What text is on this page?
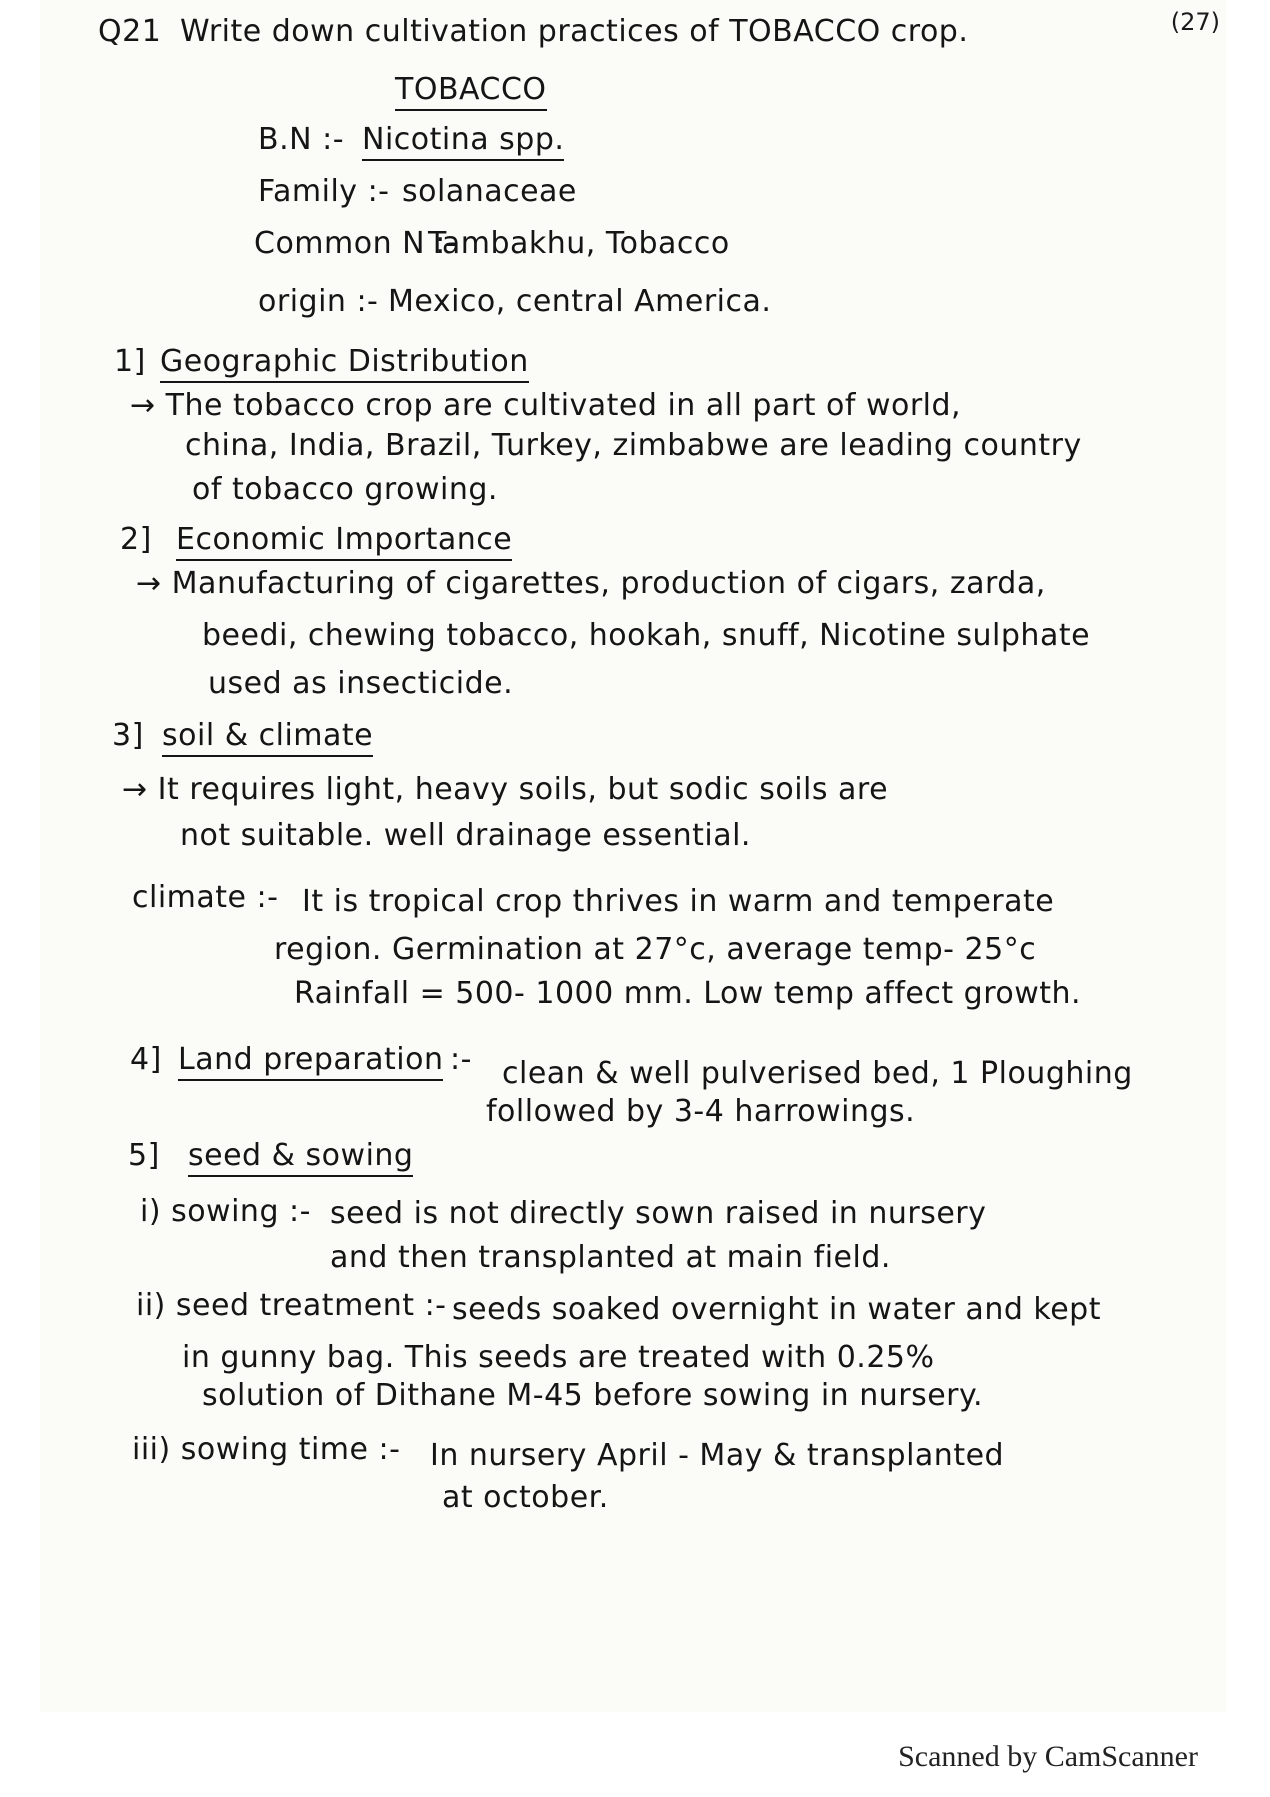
Q21 Write down cultivation practices of TOBACCO crop.	(27)
TOBACCO
B.N :- Nicotina spp.
Family :- solanaceae
Common N :-
Tambakhu, Tobacco
origin :- Mexico, central America.
1] Geographic Distribution
→ The tobacco crop are cultivated in all part of world,
china, India, Brazil, Turkey, zimbabwe are leading country
of tobacco growing.
2] Economic Importance
→ Manufacturing of cigarettes, production of cigars, zarda,
beedi, chewing tobacco, hookah, snuff, Nicotine sulphate
used as insecticide.
3] soil & climate
→ It requires light, heavy soils, but sodic soils are
not suitable. well drainage essential.
climate :- It is tropical crop thrives in warm and temperate
region. Germination at 27°c, average temp- 25°c
Rainfall = 500- 1000 mm. Low temp affect growth.
4] Land preparation :- clean & well pulverised bed, 1 Ploughing
followed by 3-4 harrowings.
5] seed & sowing
i) sowing :- seed is not directly sown raised in nursery
and then transplanted at main field.
ii) seed treatment :- seeds soaked overnight in water and kept
in gunny bag. This seeds are treated with 0.25%
solution of Dithane M-45 before sowing in nursery.
iii) sowing time :- In nursery April - May & transplanted
at october.
Scanned by CamScanner
